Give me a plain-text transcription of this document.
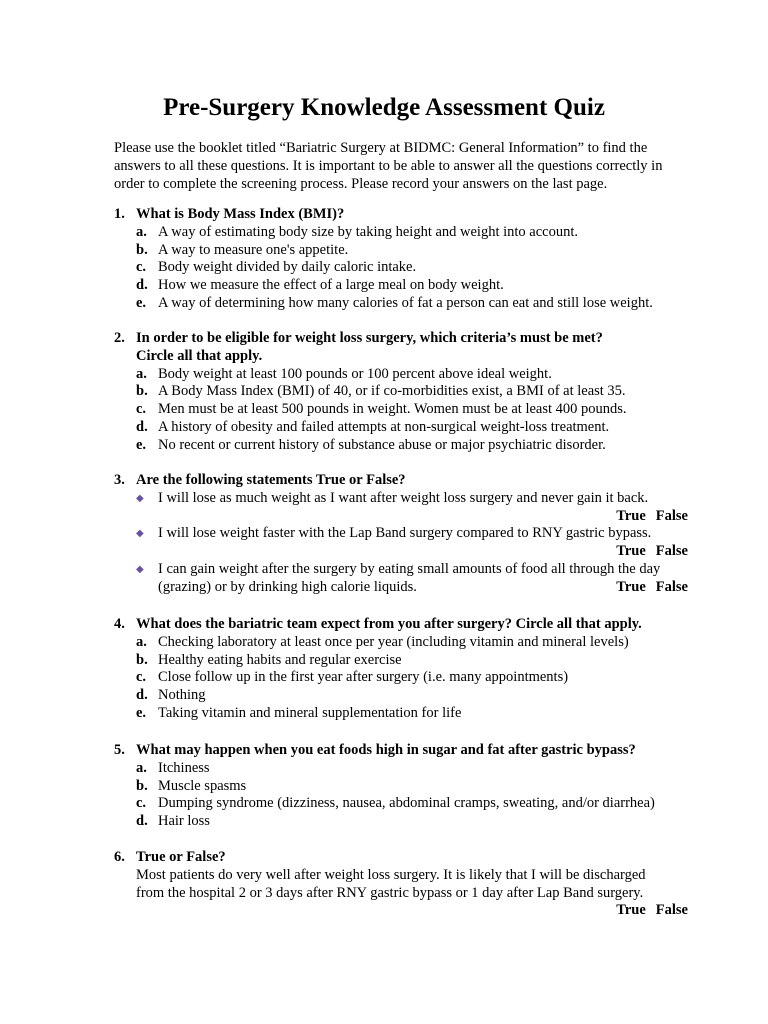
Pre-Surgery Knowledge Assessment Quiz
Please use the booklet titled “Bariatric Surgery at BIDMC: General Information” to find the
answers to all these questions. It is important to be able to answer all the questions correctly in
order to complete the screening process. Please record your answers on the last page.
1. What is Body Mass Index (BMI)?
a. A way of estimating body size by taking height and weight into account.
b. A way to measure one's appetite.
c. Body weight divided by daily caloric intake.
d. How we measure the effect of a large meal on body weight.
e. A way of determining how many calories of fat a person can eat and still lose weight.
2. In order to be eligible for weight loss surgery, which criteria’s must be met?
Circle all that apply.
a. Body weight at least 100 pounds or 100 percent above ideal weight.
b. A Body Mass Index (BMI) of 40, or if co-morbidities exist, a BMI of at least 35.
c. Men must be at least 500 pounds in weight. Women must be at least 400 pounds.
d. A history of obesity and failed attempts at non-surgical weight-loss treatment.
e. No recent or current history of substance abuse or major psychiatric disorder.
3. Are the following statements True or False?
◆ I will lose as much weight as I want after weight loss surgery and never gain it back.
True False
◆ I will lose weight faster with the Lap Band surgery compared to RNY gastric bypass.
True False
◆ I can gain weight after the surgery by eating small amounts of food all through the day
(grazing) or by drinking high calorie liquids.	True False
4. What does the bariatric team expect from you after surgery? Circle all that apply.
a. Checking laboratory at least once per year (including vitamin and mineral levels)
b. Healthy eating habits and regular exercise
c. Close follow up in the first year after surgery (i.e. many appointments)
d. Nothing
e. Taking vitamin and mineral supplementation for life
5. What may happen when you eat foods high in sugar and fat after gastric bypass?
a. Itchiness
b. Muscle spasms
c. Dumping syndrome (dizziness, nausea, abdominal cramps, sweating, and/or diarrhea)
d. Hair loss
6. True or False?
Most patients do very well after weight loss surgery. It is likely that I will be discharged
from the hospital 2 or 3 days after RNY gastric bypass or 1 day after Lap Band surgery.
True False
